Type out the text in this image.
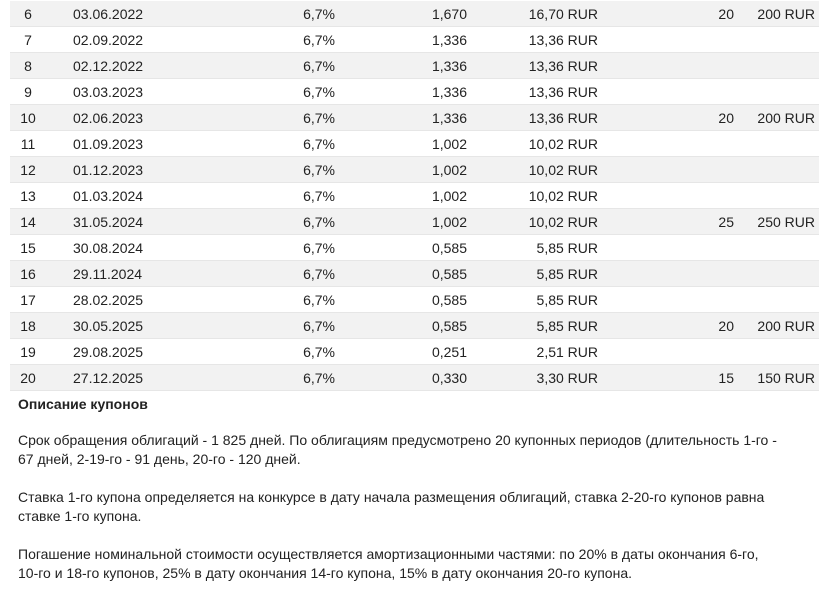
6	03.06.2022	6,7%	1,670	16,70 RUR	20	200 RUR
7	02.09.2022	6,7%	1,336	13,36 RUR		
8	02.12.2022	6,7%	1,336	13,36 RUR		
9	03.03.2023	6,7%	1,336	13,36 RUR		
10	02.06.2023	6,7%	1,336	13,36 RUR	20	200 RUR
11	01.09.2023	6,7%	1,002	10,02 RUR		
12	01.12.2023	6,7%	1,002	10,02 RUR		
13	01.03.2024	6,7%	1,002	10,02 RUR		
14	31.05.2024	6,7%	1,002	10,02 RUR	25	250 RUR
15	30.08.2024	6,7%	0,585	5,85 RUR		
16	29.11.2024	6,7%	0,585	5,85 RUR		
17	28.02.2025	6,7%	0,585	5,85 RUR		
18	30.05.2025	6,7%	0,585	5,85 RUR	20	200 RUR
19	29.08.2025	6,7%	0,251	2,51 RUR		
20	27.12.2025	6,7%	0,330	3,30 RUR	15	150 RUR
Описание купонов

Срок обращения облигаций - 1 825 дней. По облигациям предусмотрено 20 купонных периодов (длительность 1-го - 67 дней, 2-19-го - 91 день, 20-го - 120 дней.

Ставка 1-го купона определяется на конкурсе в дату начала размещения облигаций, ставка 2-20-го купонов равна ставке 1-го купона.

Погашение номинальной стоимости осуществляется амортизационными частями: по 20% в даты окончания 6-го, 10-го и 18-го купонов, 25% в дату окончания 14-го купона, 15% в дату окончания 20-го купона.
